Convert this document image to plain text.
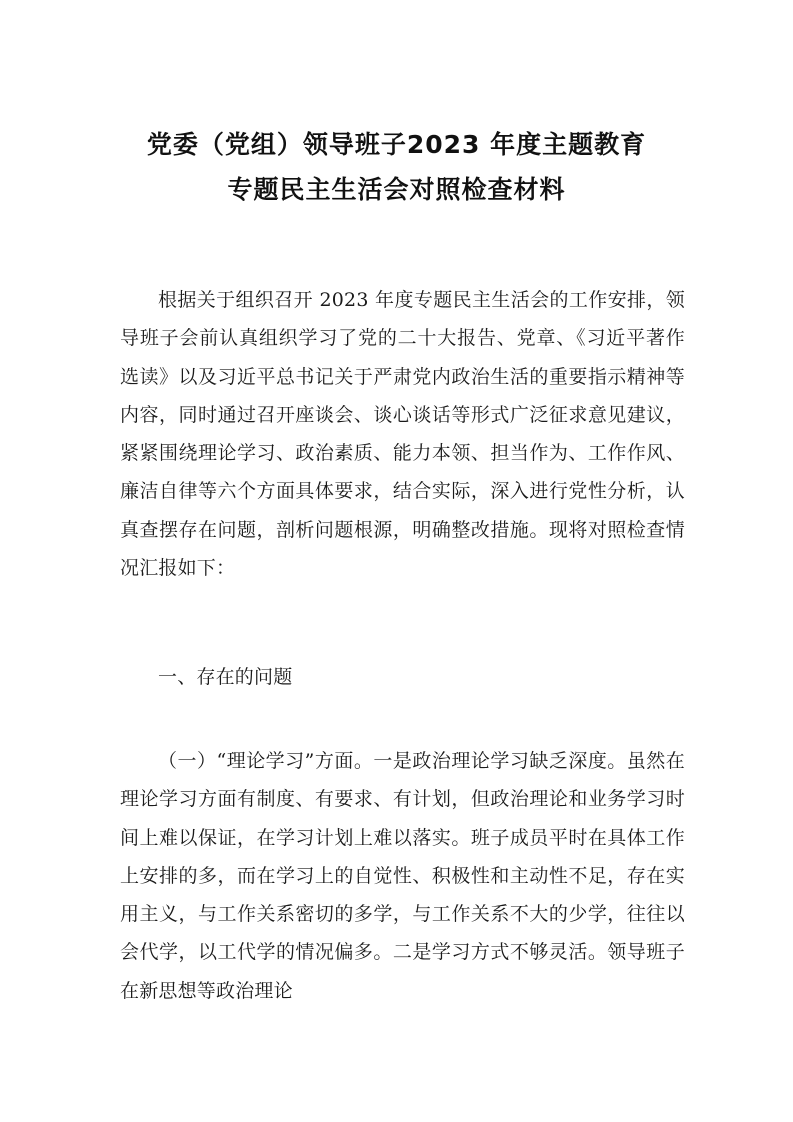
党委（党组）领导班子2023 年度主题教育
专题民主生活会对照检查材料

根据关于组织召开 2023 年度专题民主生活会的工作安排，领导班子会前认真组织学习了党的二十大报告、党章、《习近平著作选读》以及习近平总书记关于严肃党内政治生活的重要指示精神等内容，同时通过召开座谈会、谈心谈话等形式广泛征求意见建议，紧紧围绕理论学习、政治素质、能力本领、担当作为、工作作风、廉洁自律等六个方面具体要求，结合实际，深入进行党性分析，认真查摆存在问题，剖析问题根源，明确整改措施。现将对照检查情况汇报如下：

一、存在的问题

（一）“理论学习”方面。一是政治理论学习缺乏深度。虽然在理论学习方面有制度、有要求、有计划，但政治理论和业务学习时间上难以保证，在学习计划上难以落实。班子成员平时在具体工作上安排的多，而在学习上的自觉性、积极性和主动性不足，存在实用主义，与工作关系密切的多学，与工作关系不大的少学，往往以会代学，以工代学的情况偏多。二是学习方式不够灵活。领导班子在新思想等政治理论
